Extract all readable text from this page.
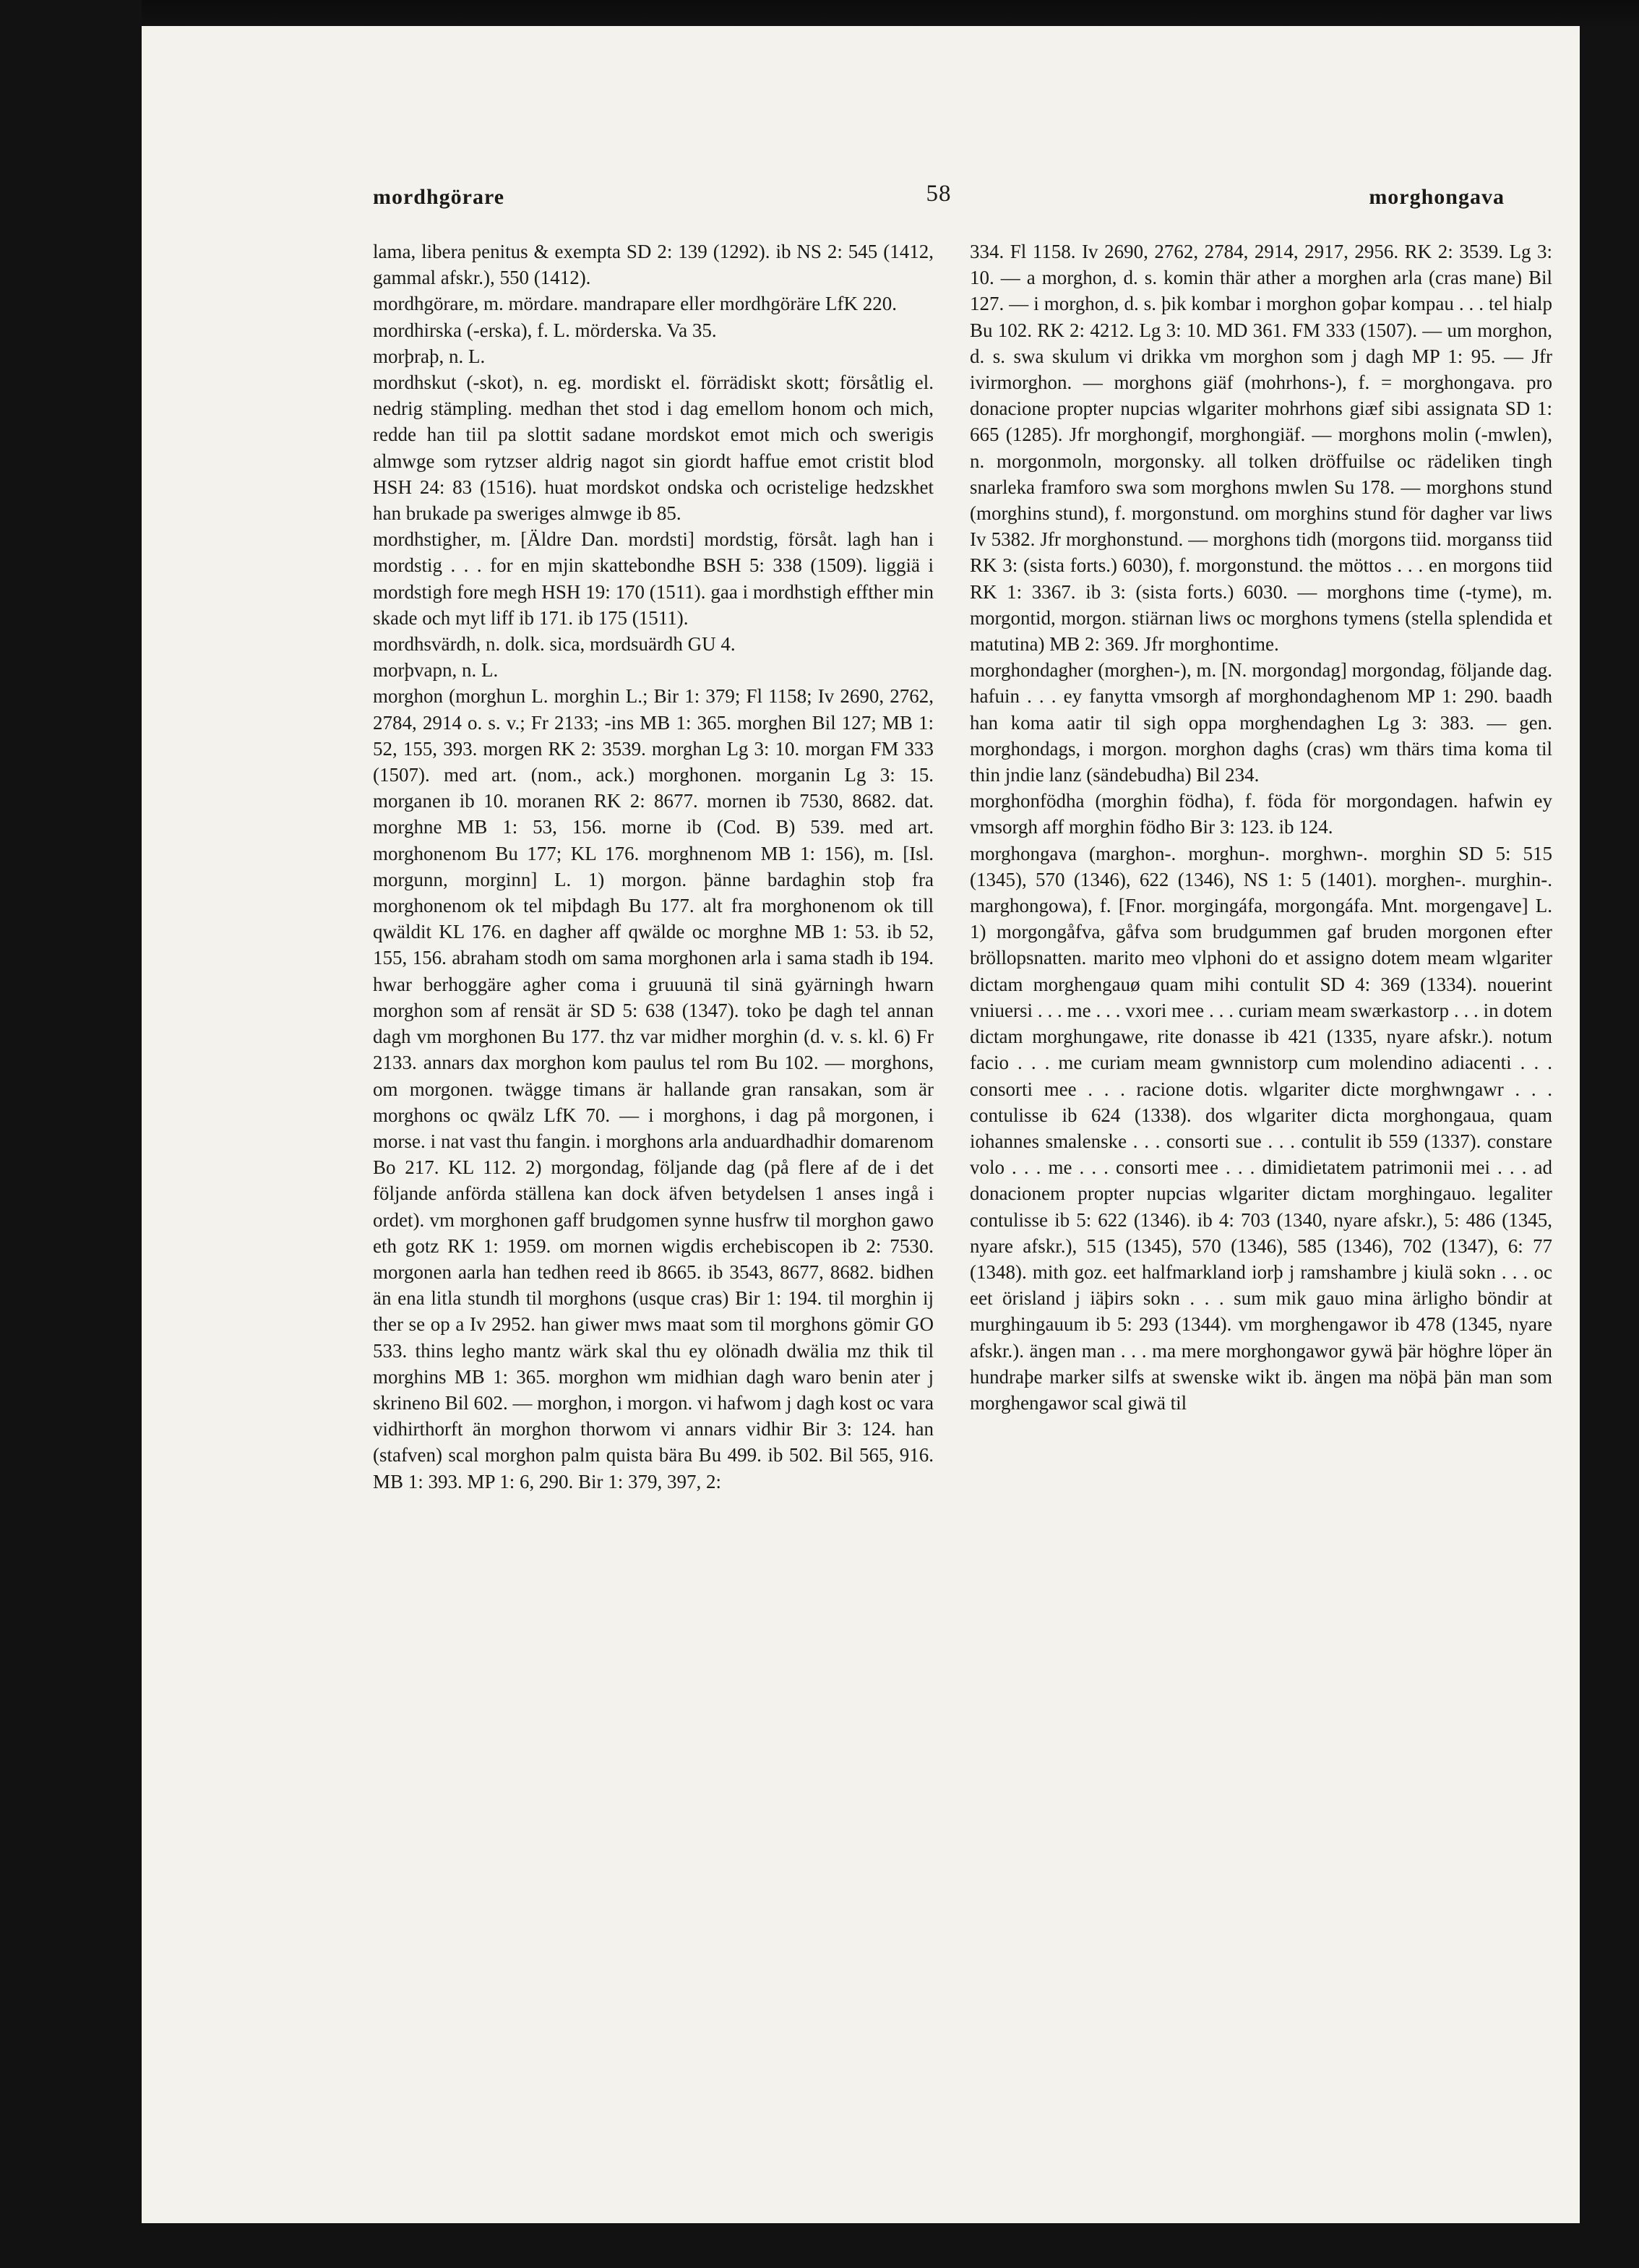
mordhgörare	58	morghongava

lama, libera penitus & exempta SD 2: 139 (1292). ib NS 2: 545 (1412, gammal afskr.), 550 (1412).

mordhgörare, m. mördare. mandrapare eller mordhgöräre LfK 220.

mordhirska (-erska), f. L. mörderska. Va 35.

morþraþ, n. L.

mordhskut (-skot), n. eg. mordiskt el. förrädiskt skott; försåtlig el. nedrig stämpling. medhan thet stod i dag emellom honom och mich, redde han tiil pa slottit sadane mordskot emot mich och swerigis almwge som rytzser aldrig nagot sin giordt haffue emot cristit blod HSH 24: 83 (1516). huat mordskot ondska och ocristelige hedzskhet han brukade pa sweriges almwge ib 85.

mordhstigher, m. [Äldre Dan. mordsti] mordstig, försåt. lagh han i mordstig . . . for en mjin skattebondhe BSH 5: 338 (1509). liggiä i mordstigh fore megh HSH 19: 170 (1511). gaa i mordhstigh effther min skade och myt liff ib 171. ib 175 (1511).

mordhsvärdh, n. dolk. sica, mordsuärdh GU 4.

morþvapn, n. L.

morghon (morghun L. morghin L.; Bir 1: 379; Fl 1158; Iv 2690, 2762, 2784, 2914 o. s. v.; Fr 2133; -ins MB 1: 365. morghen Bil 127; MB 1: 52, 155, 393. morgen RK 2: 3539. morghan Lg 3: 10. morgan FM 333 (1507). med art. (nom., ack.) morghonen. morganin Lg 3: 15. morganen ib 10. moranen RK 2: 8677. mornen ib 7530, 8682. dat. morghne MB 1: 53, 156. morne ib (Cod. B) 539. med art. morghonenom Bu 177; KL 176. morghnenom MB 1: 156), m. [Isl. morgunn, morginn] L. 1) morgon. þänne bardaghin stoþ fra morghonenom ok tel miþdagh Bu 177. alt fra morghonenom ok till qwäldit KL 176. en dagher aff qwälde oc morghne MB 1: 53. ib 52, 155, 156. abraham stodh om sama morghonen arla i sama stadh ib 194. hwar berhoggäre agher coma i gruuunä til sinä gyärningh hwarn morghon som af rensät är SD 5: 638 (1347). toko þe dagh tel annan dagh vm morghonen Bu 177. thz var midher morghin (d. v. s. kl. 6) Fr 2133. annars dax morghon kom paulus tel rom Bu 102. — morghons, om morgonen. twägge timans är hallande gran ransakan, som är morghons oc qwälz LfK 70. — i morghons, i dag på morgonen, i morse. i nat vast thu fangin. i morghons arla anduardhadhir domarenom Bo 217. KL 112. 2) morgondag, följande dag (på flere af de i det följande anförda ställena kan dock äfven betydelsen 1 anses ingå i ordet). vm morghonen gaff brudgomen synne husfrw til morghon gawo eth gotz RK 1: 1959. om mornen wigdis erchebiscopen ib 2: 7530. morgonen aarla han tedhen reed ib 8665. ib 3543, 8677, 8682. bidhen än ena litla stundh til morghons (usque cras) Bir 1: 194. til morghin ij ther se op a Iv 2952. han giwer mws maat som til morghons gömir GO 533. thins legho mantz wärk skal thu ey olönadh dwälia mz thik til morghins MB 1: 365. morghon wm midhian dagh waro benin ater j skrineno Bil 602. — morghon, i morgon. vi hafwom j dagh kost oc vara vidhirthorft än morghon thorwom vi annars vidhir Bir 3: 124. han (stafven) scal morghon palm quista bära Bu 499. ib 502. Bil 565, 916. MB 1: 393. MP 1: 6, 290. Bir 1: 379, 397, 2:

334. Fl 1158. Iv 2690, 2762, 2784, 2914, 2917, 2956. RK 2: 3539. Lg 3: 10. — a morghon, d. s. komin thär ather a morghen arla (cras mane) Bil 127. — i morghon, d. s. þik kombar i morghon goþar kompau . . . tel hialp Bu 102. RK 2: 4212. Lg 3: 10. MD 361. FM 333 (1507). — um morghon, d. s. swa skulum vi drikka vm morghon som j dagh MP 1: 95. — Jfr ivirmorghon. — morghons giäf (mohrhons-), f. = morghongava. pro donacione propter nupcias wlgariter mohrhons giæf sibi assignata SD 1: 665 (1285). Jfr morghongif, morghongiäf. — morghons molin (-mwlen), n. morgonmoln, morgonsky. all tolken dröffuilse oc rädeliken tingh snarleka framforo swa som morghons mwlen Su 178. — morghons stund (morghins stund), f. morgonstund. om morghins stund för dagher var liws Iv 5382. Jfr morghonstund. — morghons tidh (morgons tiid. morganss tiid RK 3: (sista forts.) 6030), f. morgonstund. the möttos . . . en morgons tiid RK 1: 3367. ib 3: (sista forts.) 6030. — morghons time (-tyme), m. morgontid, morgon. stiärnan liws oc morghons tymens (stella splendida et matutina) MB 2: 369. Jfr morghontime.

morghondagher (morghen-), m. [N. morgondag] morgondag, följande dag. hafuin . . . ey fanytta vmsorgh af morghondaghenom MP 1: 290. baadh han koma aatir til sigh oppa morghendaghen Lg 3: 383. — gen. morghondags, i morgon. morghon daghs (cras) wm thärs tima koma til thin jndie lanz (sändebudha) Bil 234.

morghonfödha (morghin födha), f. föda för morgondagen. hafwin ey vmsorgh aff morghin födho Bir 3: 123. ib 124.

morghongava (marghon-. morghun-. morghwn-. morghin SD 5: 515 (1345), 570 (1346), 622 (1346), NS 1: 5 (1401). morghen-. murghin-. marghongowa), f. [Fnor. morgingáfa, morgongáfa. Mnt. morgengave] L. 1) morgongåfva, gåfva som brudgummen gaf bruden morgonen efter bröllopsnatten. marito meo vlphoni do et assigno dotem meam wlgariter dictam morghengauø quam mihi contulit SD 4: 369 (1334). nouerint vniuersi . . . me . . . vxori mee . . . curiam meam swærkastorp . . . in dotem dictam morghungawe, rite donasse ib 421 (1335, nyare afskr.). notum facio . . . me curiam meam gwnnistorp cum molendino adiacenti . . . consorti mee . . . racione dotis. wlgariter dicte morghwngawr . . . contulisse ib 624 (1338). dos wlgariter dicta morghongaua, quam iohannes smalenske . . . consorti sue . . . contulit ib 559 (1337). constare volo . . . me . . . consorti mee . . . dimidietatem patrimonii mei . . . ad donacionem propter nupcias wlgariter dictam morghingauo. legaliter contulisse ib 5: 622 (1346). ib 4: 703 (1340, nyare afskr.), 5: 486 (1345, nyare afskr.), 515 (1345), 570 (1346), 585 (1346), 702 (1347), 6: 77 (1348). mith goz. eet halfmarkland iorþ j ramshambre j kiulä sokn . . . oc eet örisland j iäþirs sokn . . . sum mik gauo mina ärligho böndir at murghingauum ib 5: 293 (1344). vm morghengawor ib 478 (1345, nyare afskr.). ängen man . . . ma mere morghongawor gywä þär höghre löper än hundraþe marker silfs at swenske wikt ib. ängen ma nöþä þän man som morghengawor scal giwä til
